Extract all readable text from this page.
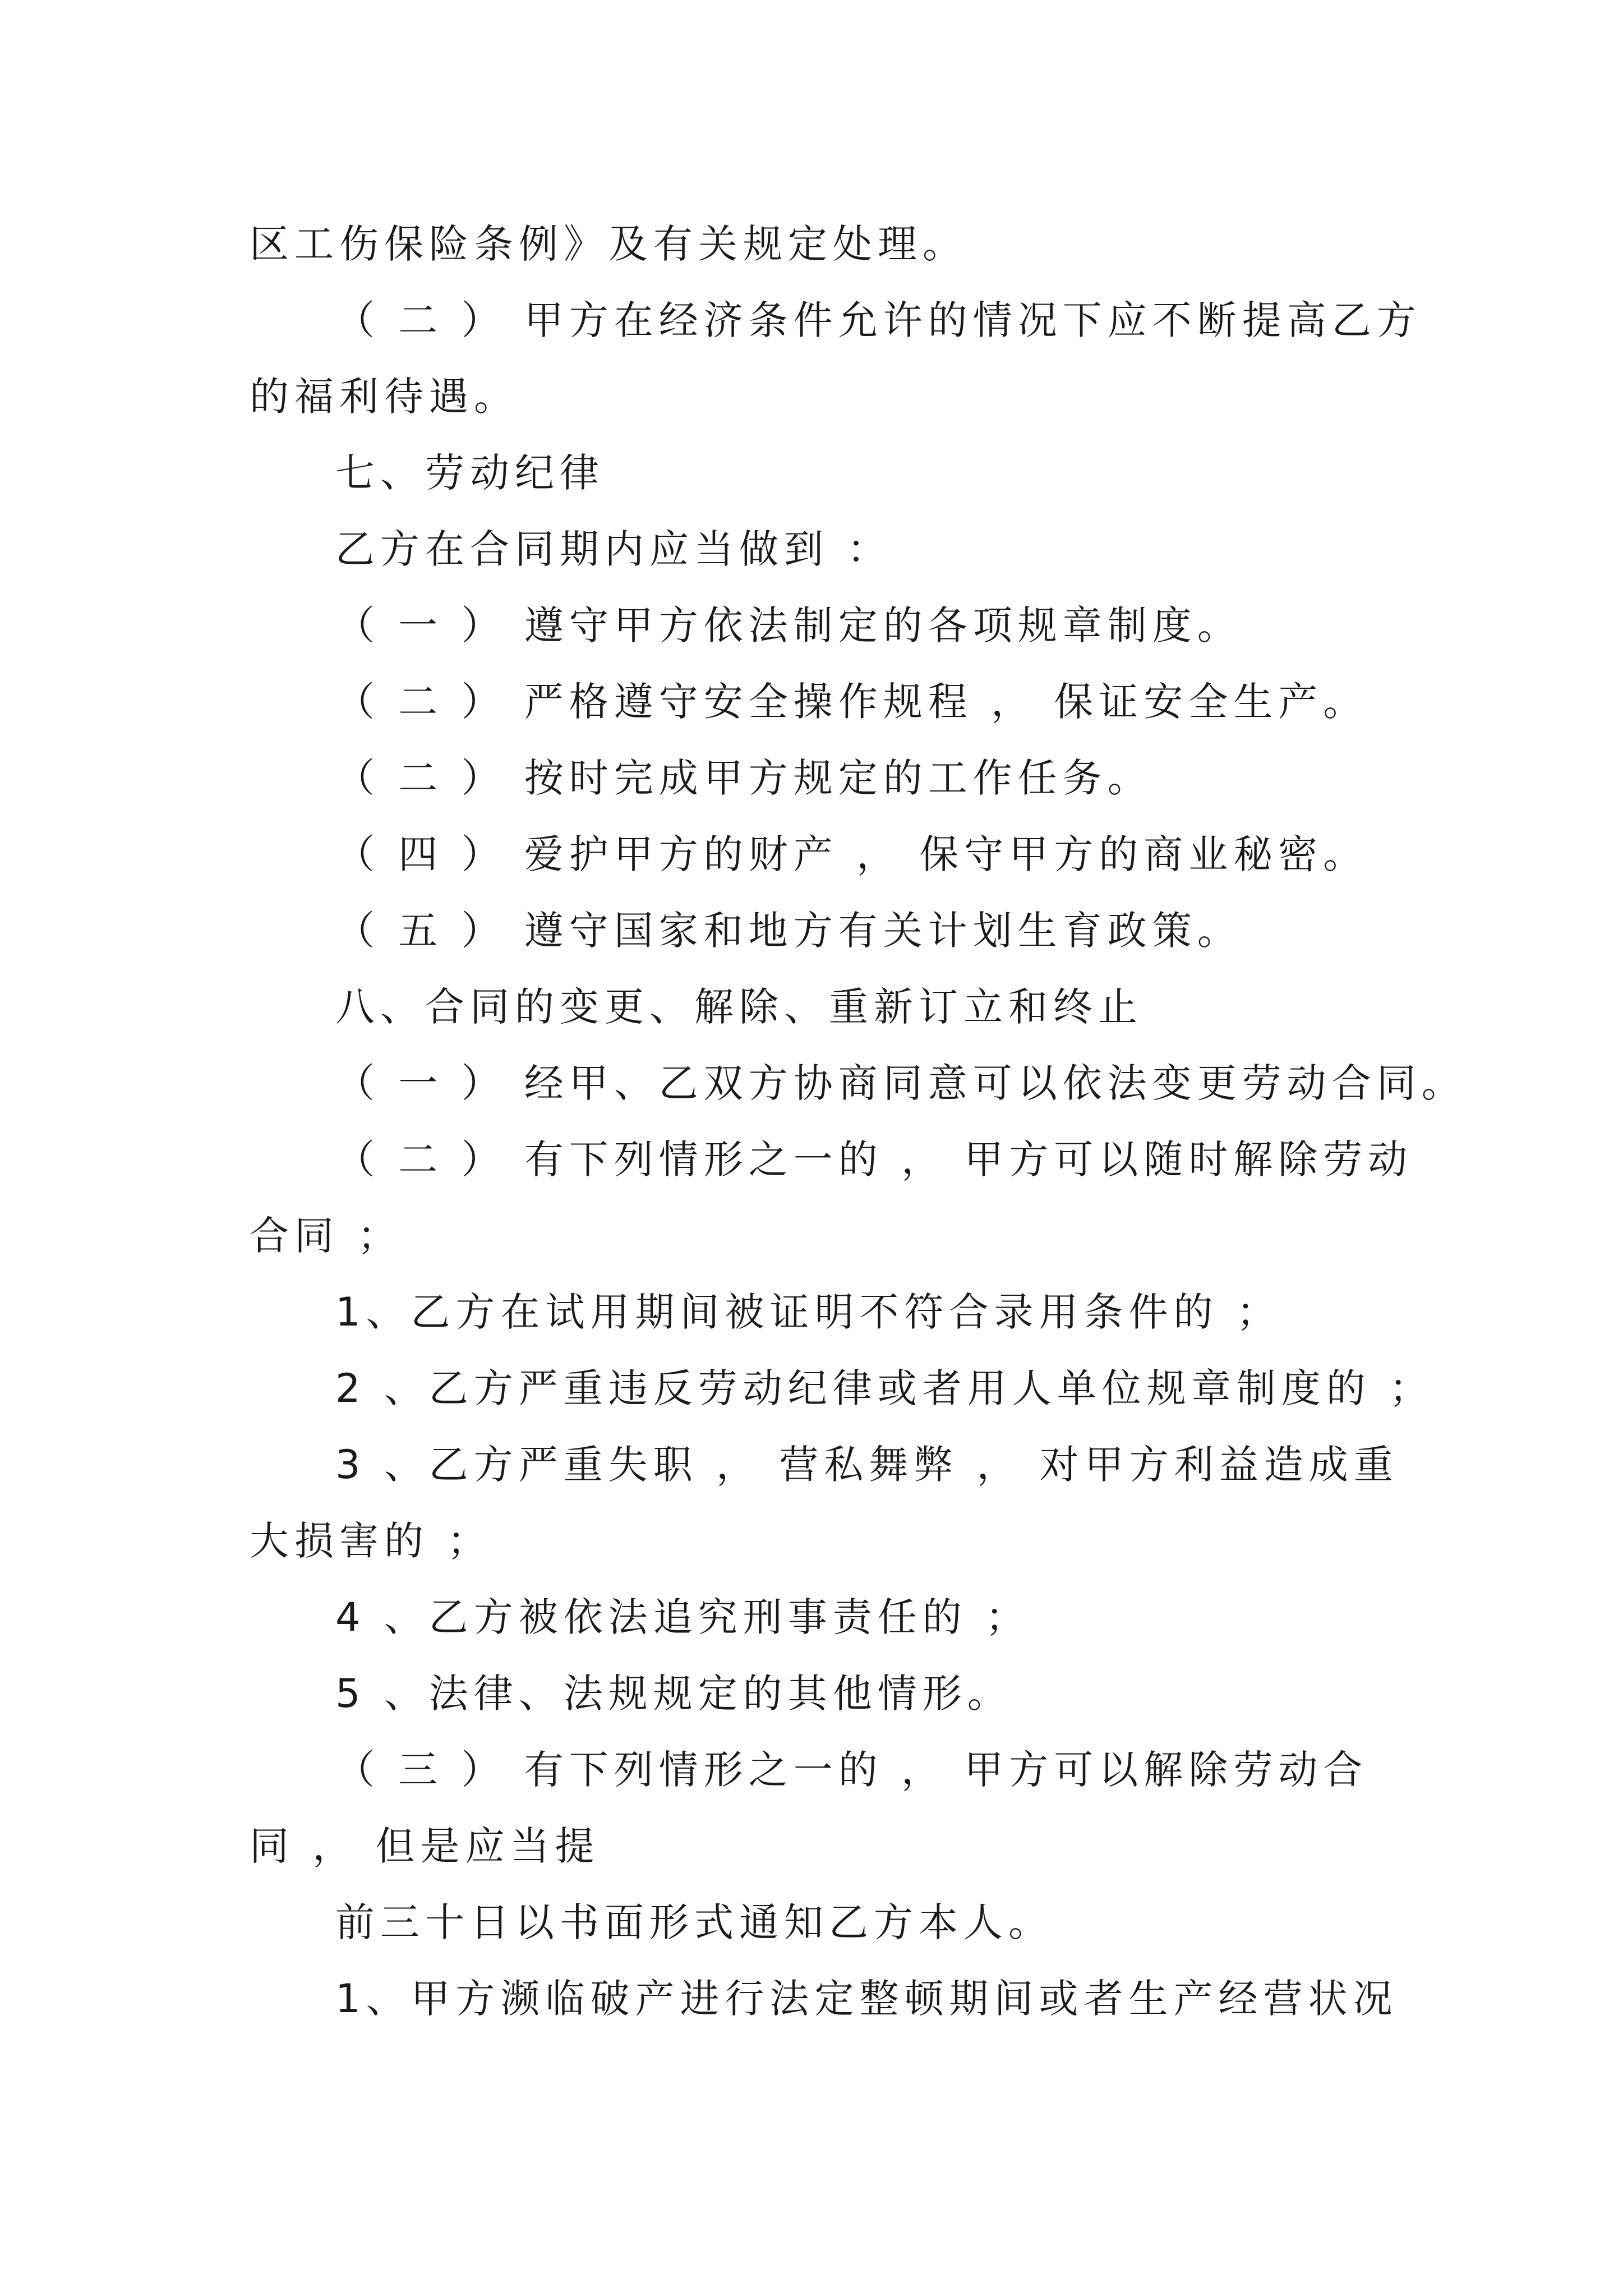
区工伤保险条例》及有关规定处理。
（ 二 ） 甲方在经济条件允许的情况下应不断提高乙方
的福利待遇。
七、劳动纪律
乙方在合同期内应当做到 ：
（ 一 ） 遵守甲方依法制定的各项规章制度。
（ 二 ） 严格遵守安全操作规程 ， 保证安全生产。
（ 二 ） 按时完成甲方规定的工作任务。
（ 四 ） 爱护甲方的财产 ， 保守甲方的商业秘密。
（ 五 ） 遵守国家和地方有关计划生育政策。
八、合同的变更、解除、重新订立和终止
（ 一 ） 经甲、乙双方协商同意可以依法变更劳动合同。
（ 二 ） 有下列情形之一的 ， 甲方可以随时解除劳动
合同 ；
1、乙方在试用期间被证明不符合录用条件的 ；
2 、乙方严重违反劳动纪律或者用人单位规章制度的 ；
3 、乙方严重失职 ， 营私舞弊 ， 对甲方利益造成重
大损害的 ；
4 、乙方被依法追究刑事责任的 ；
5 、法律、法规规定的其他情形。
（ 三 ） 有下列情形之一的 ， 甲方可以解除劳动合
同 ， 但是应当提
前三十日以书面形式通知乙方本人。
1、甲方濒临破产进行法定整顿期间或者生产经营状况
